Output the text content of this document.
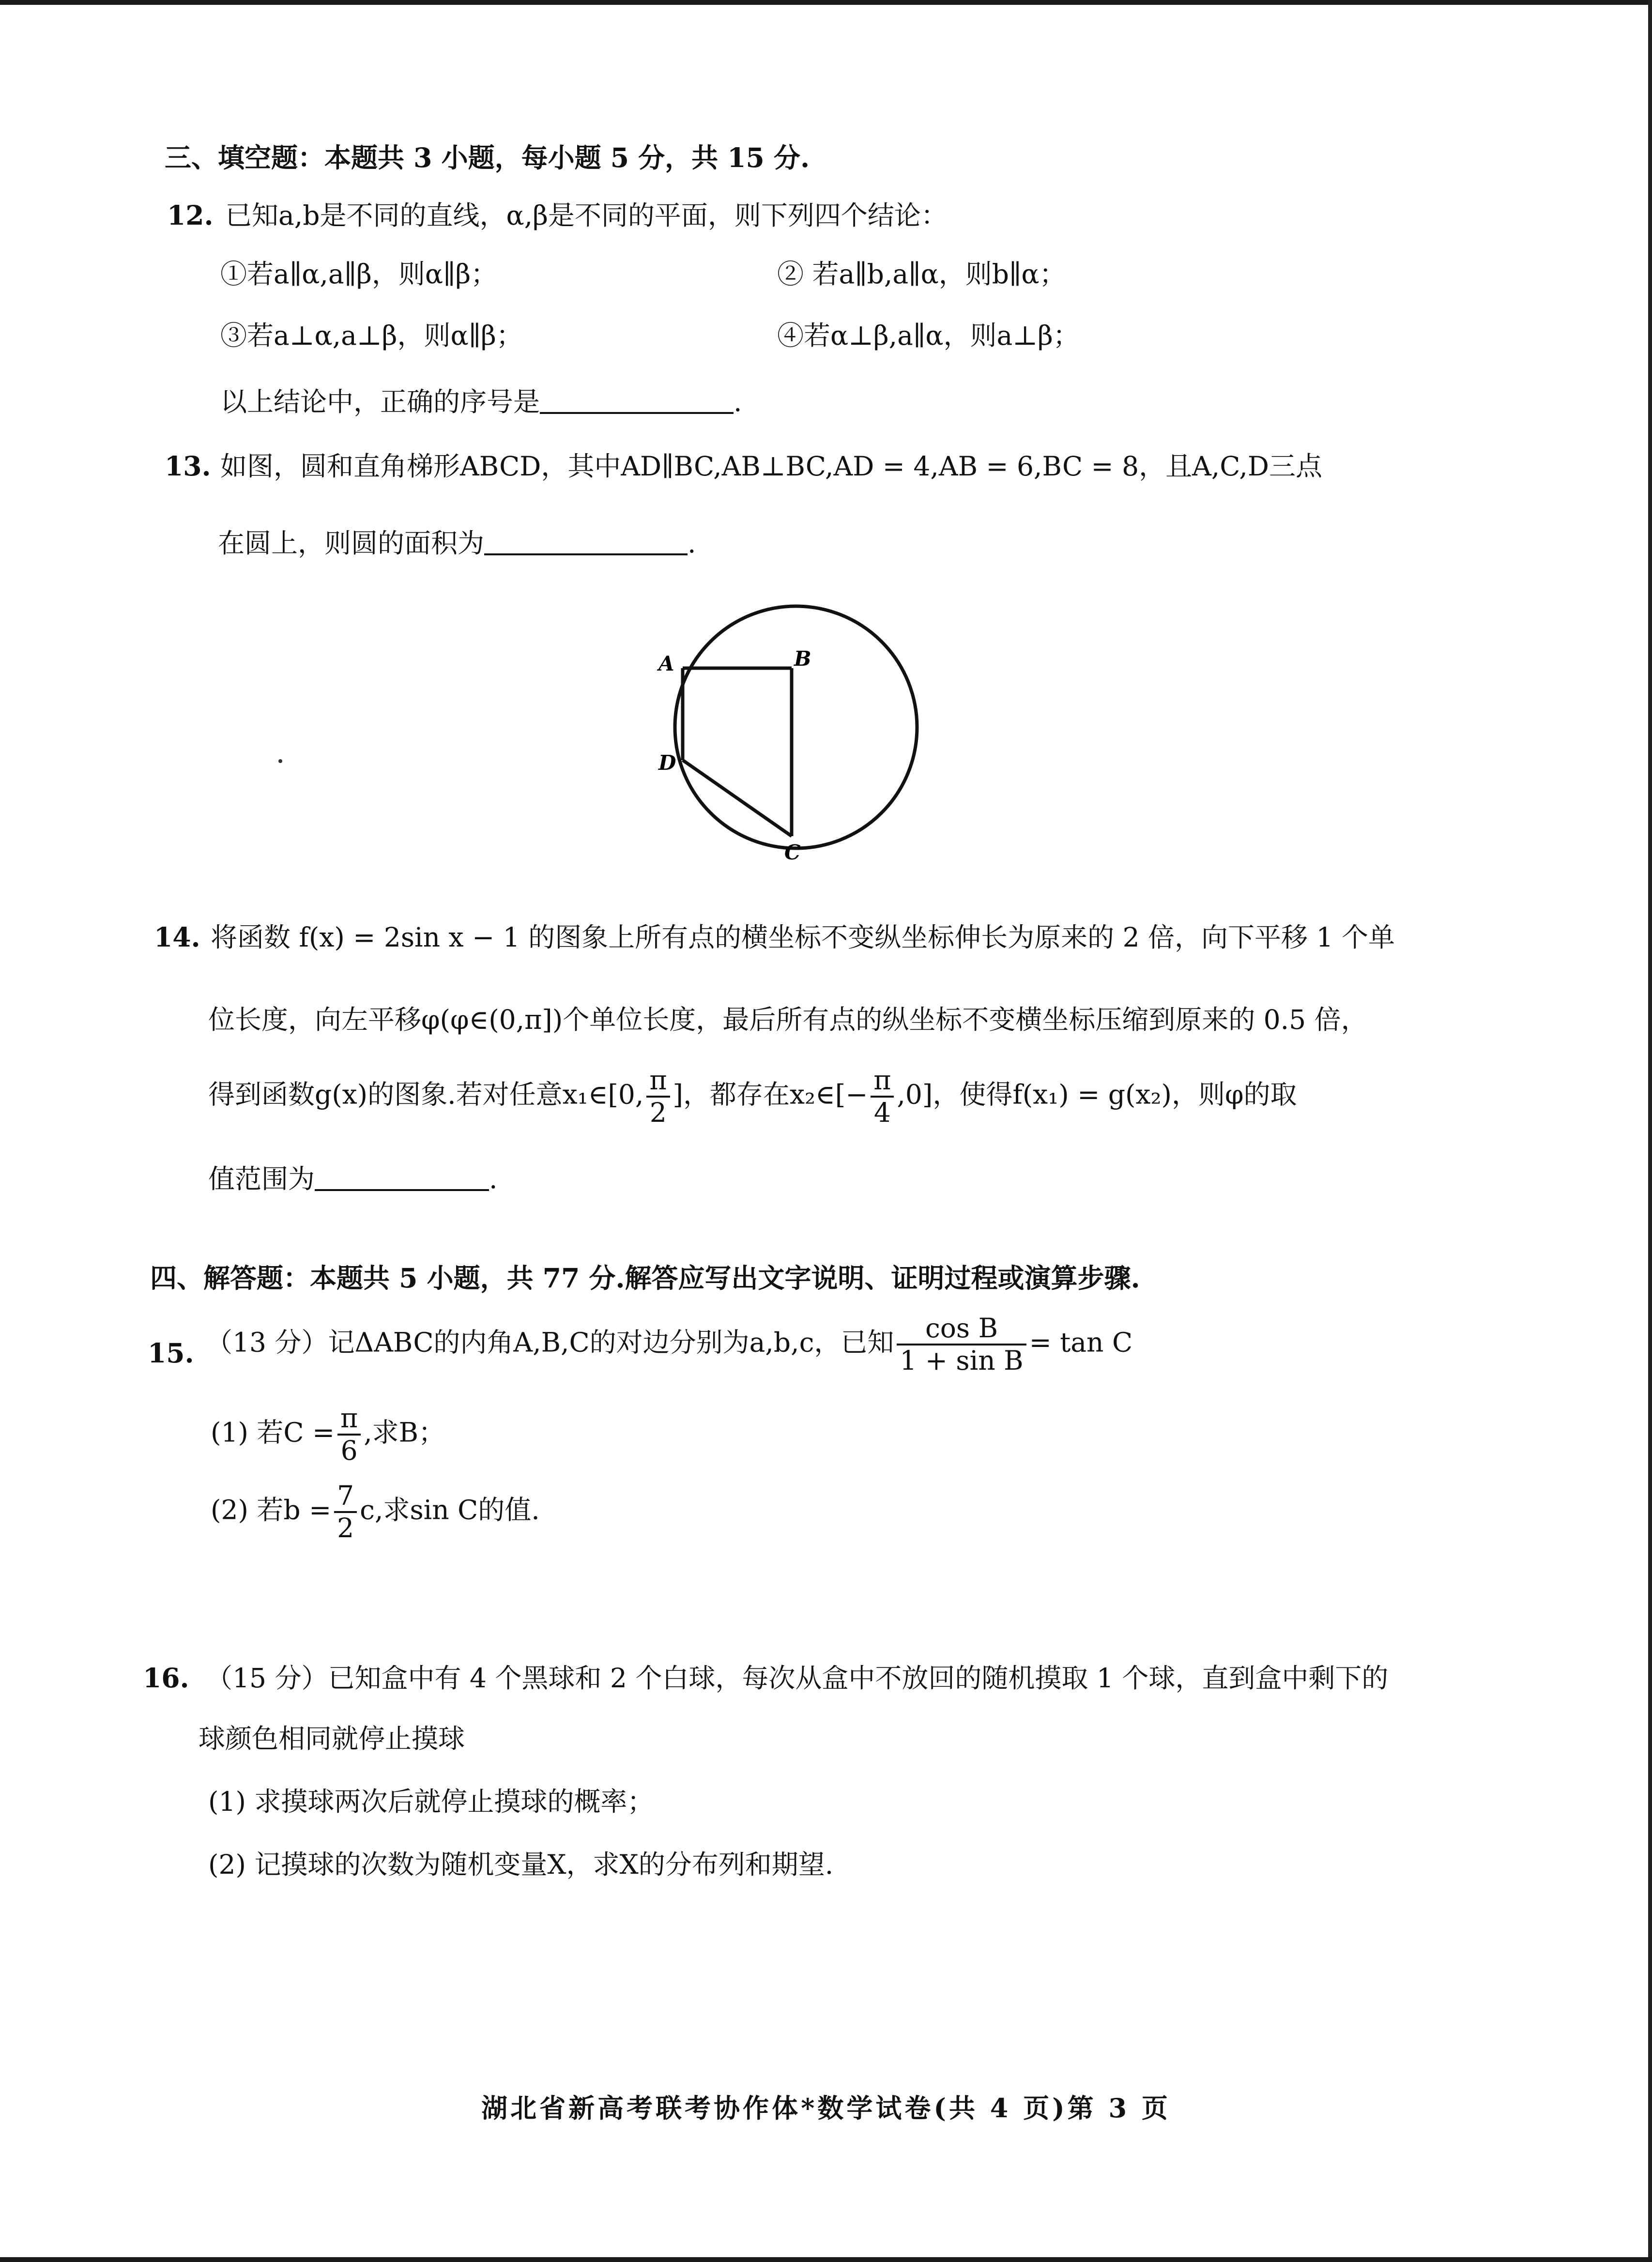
三、填空题：本题共 3 小题，每小题 5 分，共 15 分.
12. 已知a,b是不同的直线，α,β是不同的平面，则下列四个结论：
①若a∥α,a∥β，则α∥β；	② 若a∥b,a∥α，则b∥α；
③若a⊥α,a⊥β，则α∥β；	④若α⊥β,a∥α，则a⊥β；
以上结论中，正确的序号是	.
13. 如图，圆和直角梯形ABCD，其中AD∥BC,AB⊥BC,AD = 4,AB = 6,BC = 8，且A,C,D三点
在圆上，则圆的面积为	.
A	B
D
C
14. 将函数 f(x) = 2sin x − 1 的图象上所有点的横坐标不变纵坐标伸长为原来的 2 倍，向下平移 1 个单
位长度，向左平移φ(φ∈(0,π])个单位长度，最后所有点的纵坐标不变横坐标压缩到原来的 0.5 倍，
得到函数g(x)的图象.若对任意x₁∈[0, $\frac{\pi}{2}$ ]，都存在x₂∈[− $\frac{\pi}{4} ,0$]，使得f(x₁) = g(x₂)，则φ的取
值范围为	.
四、解答题：本题共 5 小题，共 77 分.解答应写出文字说明、证明过程或演算步骤.
15. （13 分）记ΔABC的内角A,B,C的对边分别为a,b,c，已知 $\frac{\text{cos B}}{\text{1 + sin B}} = \tan C$
(1) 若$C = \frac{\pi}{6}$ ,求B；
(2) 若$b = \frac{7}{2} c$,求sin C的值.
16. （15 分）已知盒中有 4 个黑球和 2 个白球，每次从盒中不放回的随机摸取 1 个球，直到盒中剩下的
球颜色相同就停止摸球
(1) 求摸球两次后就停止摸球的概率；
(2) 记摸球的次数为随机变量X，求X的分布列和期望.
湖北省新高考联考协作体*数学试卷(共 4 页)第 3 页
